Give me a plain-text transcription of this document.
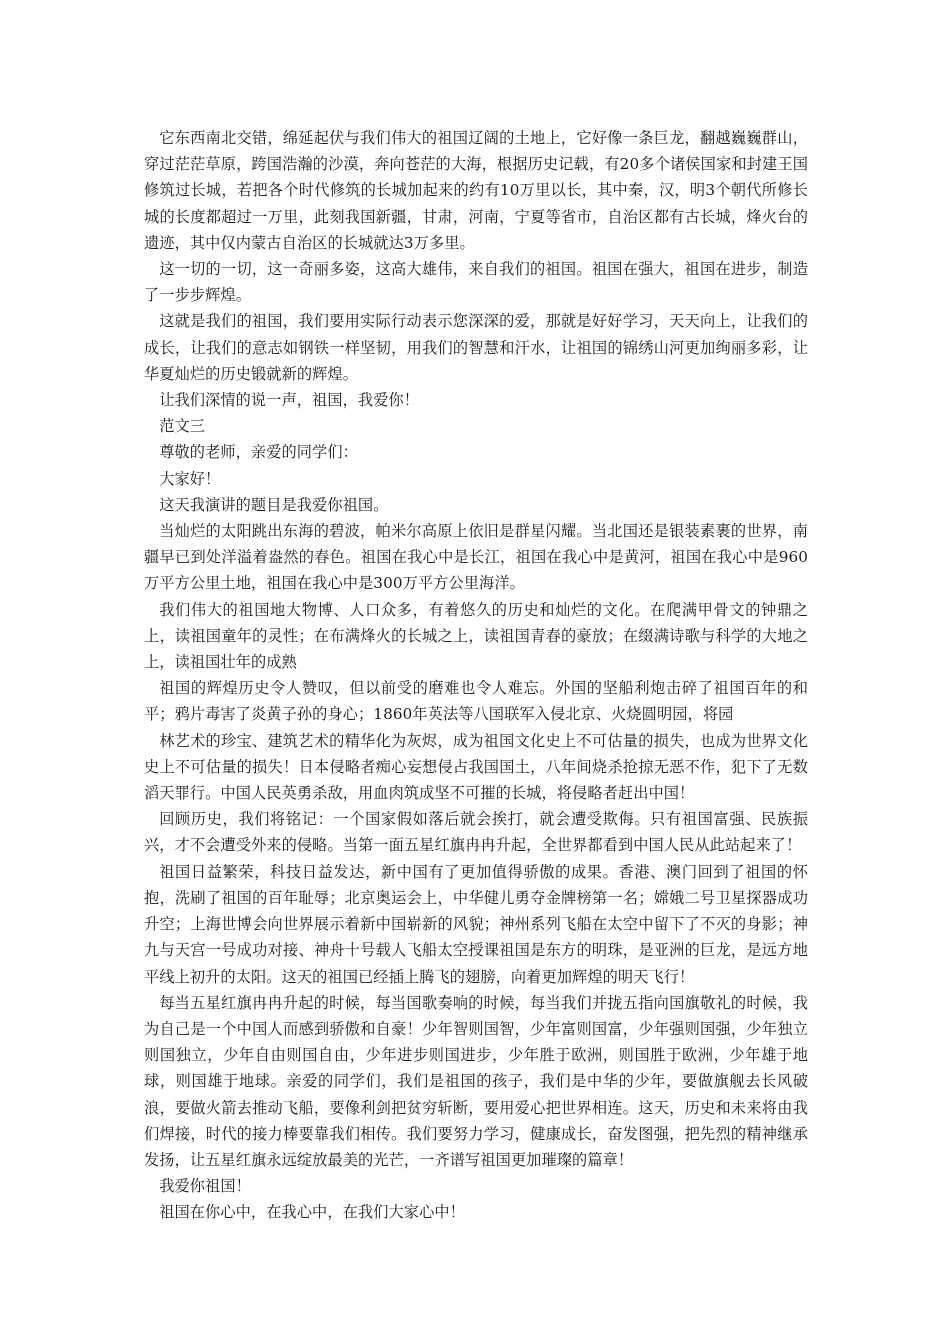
它东西南北交错，绵延起伏与我们伟大的祖国辽阔的土地上，它好像一条巨龙，翻越巍巍群山，穿过茫茫草原，跨国浩瀚的沙漠，奔向苍茫的大海，根据历史记载，有20多个诸侯国家和封建王国修筑过长城，若把各个时代修筑的长城加起来的约有10万里以长，其中秦，汉，明3个朝代所修长城的长度都超过一万里，此刻我国新疆，甘肃，河南，宁夏等省市，自治区都有古长城，烽火台的遗迹，其中仅内蒙古自治区的长城就达3万多里。

这一切的一切，这一奇丽多姿，这高大雄伟，来自我们的祖国。祖国在强大，祖国在进步，制造了一步步辉煌。

这就是我们的祖国，我们要用实际行动表示您深深的爱，那就是好好学习，天天向上，让我们的成长，让我们的意志如钢铁一样坚韧，用我们的智慧和汗水，让祖国的锦绣山河更加绚丽多彩，让华夏灿烂的历史锻就新的辉煌。

让我们深情的说一声，祖国，我爱你！

范文三

尊敬的老师，亲爱的同学们：

大家好！

这天我演讲的题目是我爱你祖国。

当灿烂的太阳跳出东海的碧波，帕米尔高原上依旧是群星闪耀。当北国还是银装素裹的世界，南疆早已到处洋溢着盎然的春色。祖国在我心中是长江，祖国在我心中是黄河，祖国在我心中是960万平方公里土地，祖国在我心中是300万平方公里海洋。

我们伟大的祖国地大物博、人口众多，有着悠久的历史和灿烂的文化。在爬满甲骨文的钟鼎之上，读祖国童年的灵性；在布满烽火的长城之上，读祖国青春的豪放；在缀满诗歌与科学的大地之上，读祖国壮年的成熟

祖国的辉煌历史令人赞叹，但以前受的磨难也令人难忘。外国的坚船利炮击碎了祖国百年的和平；鸦片毒害了炎黄子孙的身心；1860年英法等八国联军入侵北京、火烧圆明园，将园

林艺术的珍宝、建筑艺术的精华化为灰烬，成为祖国文化史上不可估量的损失，也成为世界文化史上不可估量的损失！日本侵略者痴心妄想侵占我国国土，八年间烧杀抢掠无恶不作，犯下了无数滔天罪行。中国人民英勇杀敌，用血肉筑成坚不可摧的长城，将侵略者赶出中国！

回顾历史，我们将铭记：一个国家假如落后就会挨打，就会遭受欺侮。只有祖国富强、民族振兴，才不会遭受外来的侵略。当第一面五星红旗冉冉升起，全世界都看到中国人民从此站起来了！

祖国日益繁荣，科技日益发达，新中国有了更加值得骄傲的成果。香港、澳门回到了祖国的怀抱，洗刷了祖国的百年耻辱；北京奥运会上，中华健儿勇夺金牌榜第一名；嫦娥二号卫星探器成功升空；上海世博会向世界展示着新中国崭新的风貌；神州系列飞船在太空中留下了不灭的身影；神九与天宫一号成功对接、神舟十号载人飞船太空授课祖国是东方的明珠，是亚洲的巨龙，是远方地平线上初升的太阳。这天的祖国已经插上腾飞的翅膀，向着更加辉煌的明天飞行！

每当五星红旗冉冉升起的时候，每当国歌奏响的时候，每当我们并拢五指向国旗敬礼的时候，我为自己是一个中国人而感到骄傲和自豪！少年智则国智，少年富则国富，少年强则国强，少年独立则国独立，少年自由则国自由，少年进步则国进步，少年胜于欧洲，则国胜于欧洲，少年雄于地球，则国雄于地球。亲爱的同学们，我们是祖国的孩子，我们是中华的少年，要做旗舰去长风破浪，要做火箭去推动飞船，要像利剑把贫穷斩断，要用爱心把世界相连。这天，历史和未来将由我们焊接，时代的接力棒要靠我们相传。我们要努力学习，健康成长，奋发图强，把先烈的精神继承发扬，让五星红旗永远绽放最美的光芒，一齐谱写祖国更加璀璨的篇章！

我爱你祖国！

祖国在你心中，在我心中，在我们大家心中！
